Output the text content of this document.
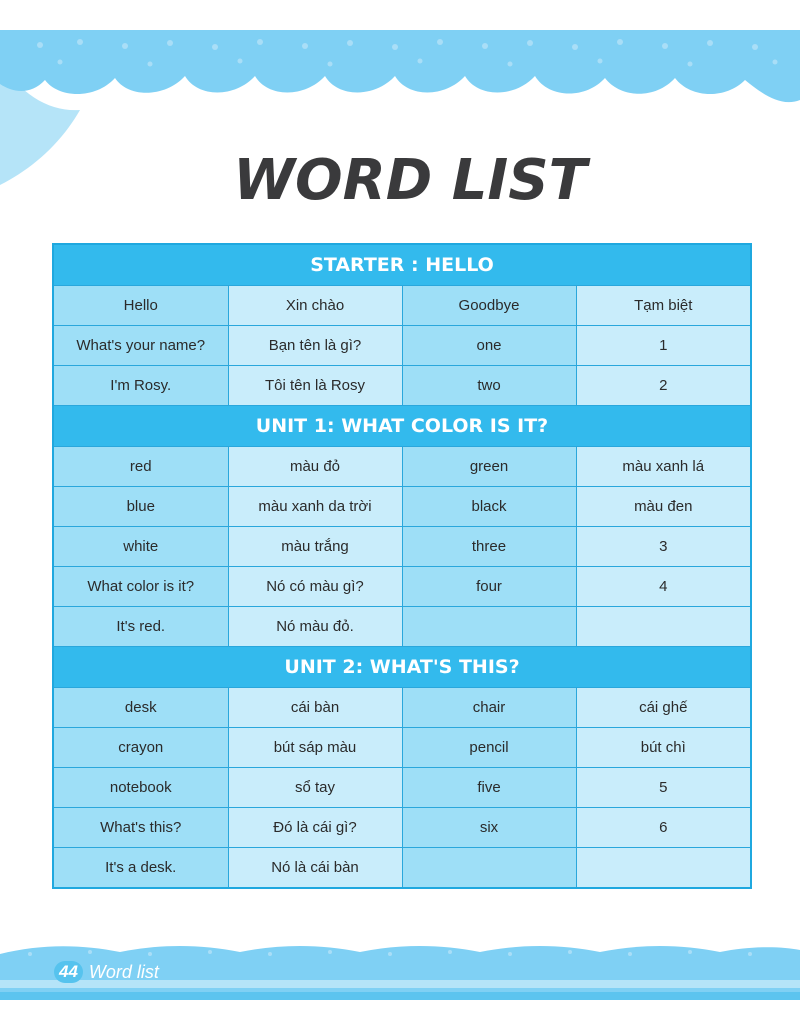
WORD LIST
STARTER : HELLO			
Hello	Xin chào	Goodbye	Tạm biệt
What's your name?	Bạn tên là gì?	one	1
I'm Rosy.	Tôi tên là Rosy	two	2
UNIT 1: WHAT COLOR IS IT?			
red	màu đỏ	green	màu xanh lá
blue	màu xanh da trời	black	màu đen
white	màu trắng	three	3
What color is it?	Nó có màu gì?	four	4
It's red.	Nó màu đỏ.		
UNIT 2: WHAT'S THIS?			
desk	cái bàn	chair	cái ghế
crayon	bút sáp màu	pencil	bút chì
notebook	sổ tay	five	5
What's this?	Đó là cái gì?	six	6
It's a desk.	Nó là cái bàn		
44 Word list
